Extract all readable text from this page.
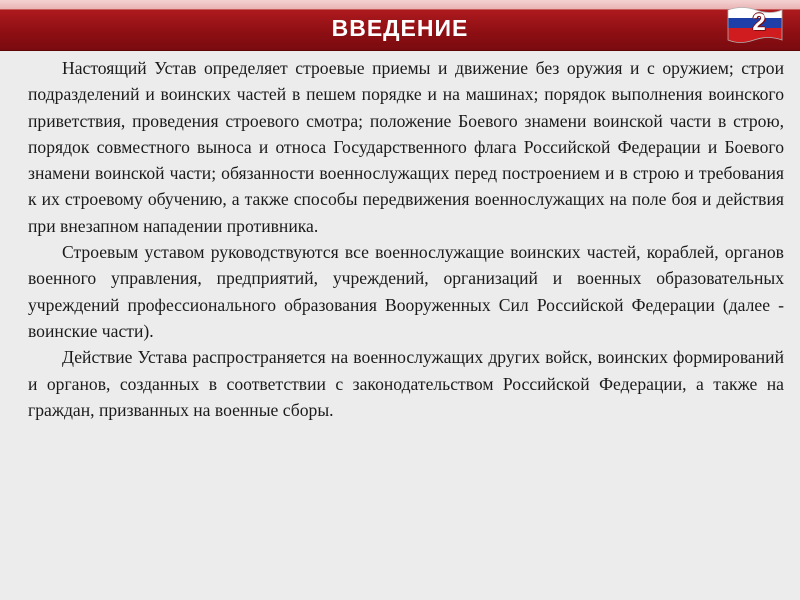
ВВЕДЕНИЕ	2

Настоящий Устав определяет строевые приемы и движение без оружия и с оружием; строи подразделений и воинских частей в пешем порядке и на машинах; порядок выполнения воинского приветствия, проведения строевого смотра; положение Боевого знамени воинской части в строю, порядок совместного выноса и относа Государственного флага Российской Федерации и Боевого знамени воинской части; обязанности военнослужащих перед построением и в строю и требования к их строевому обучению, а также способы передвижения военнослужащих на поле боя и действия при внезапном нападении противника.

Строевым уставом руководствуются все военнослужащие воинских частей, кораблей, органов военного управления, предприятий, учреждений, организаций и военных образовательных учреждений профессионального образования Вооруженных Сил Российской Федерации (далее - воинские части).

Действие Устава распространяется на военнослужащих других войск, воинских формирований и органов, созданных в соответствии с законодательством Российской Федерации, а также на граждан, призванных на военные сборы.
